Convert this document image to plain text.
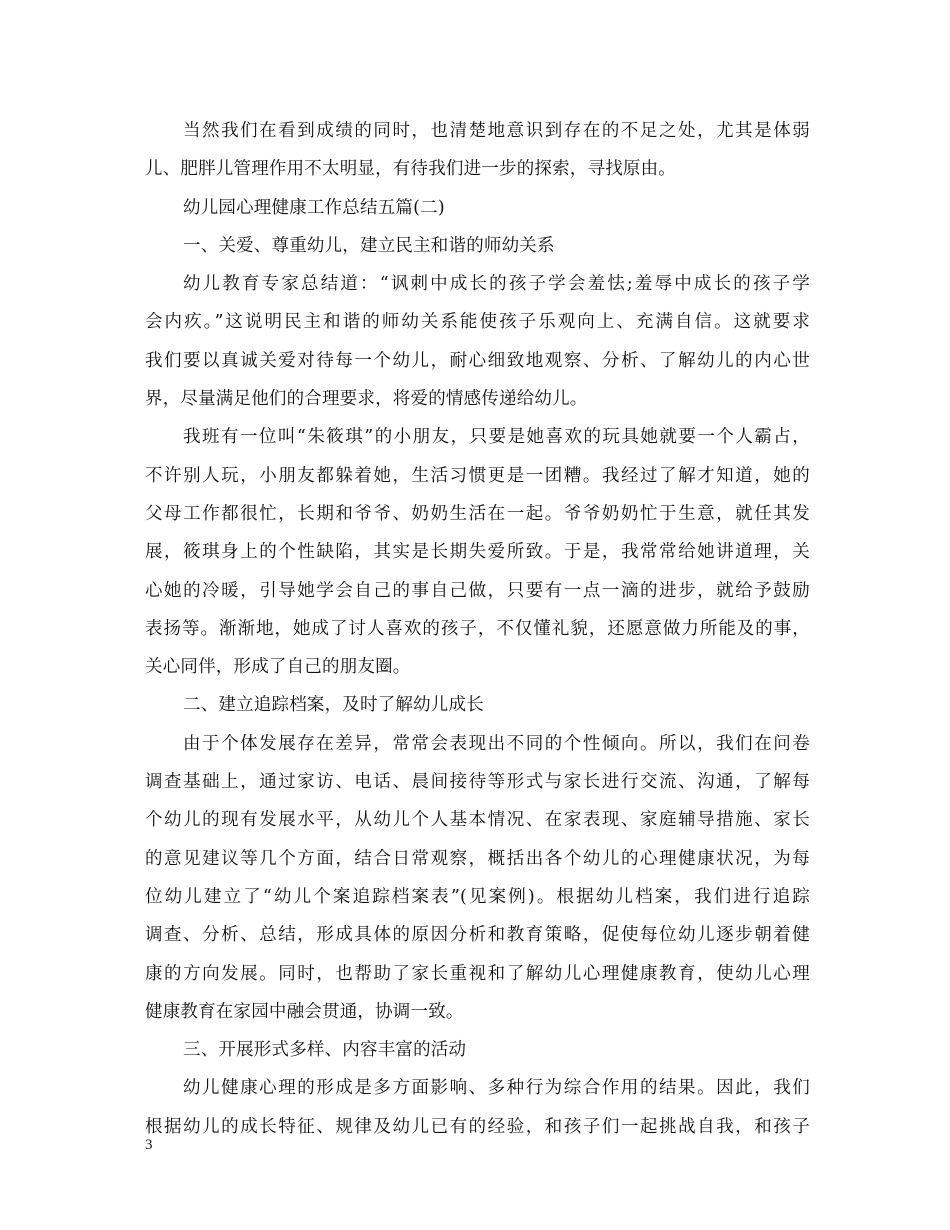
当然我们在看到成绩的同时，也清楚地意识到存在的不足之处，尤其是体弱
儿、肥胖儿管理作用不太明显，有待我们进一步的探索，寻找原由。
幼儿园心理健康工作总结五篇(二)
一、关爱、尊重幼儿，建立民主和谐的师幼关系
幼儿教育专家总结道：“讽刺中成长的孩子学会羞怯;羞辱中成长的孩子学
会内疚。”这说明民主和谐的师幼关系能使孩子乐观向上、充满自信。这就要求
我们要以真诚关爱对待每一个幼儿，耐心细致地观察、分析、了解幼儿的内心世
界，尽量满足他们的合理要求，将爱的情感传递给幼儿。
我班有一位叫“朱筱琪”的小朋友，只要是她喜欢的玩具她就要一个人霸占，
不许别人玩，小朋友都躲着她，生活习惯更是一团糟。我经过了解才知道，她的
父母工作都很忙，长期和爷爷、奶奶生活在一起。爷爷奶奶忙于生意，就任其发
展，筱琪身上的个性缺陷，其实是长期失爱所致。于是，我常常给她讲道理，关
心她的冷暖，引导她学会自己的事自己做，只要有一点一滴的进步，就给予鼓励
表扬等。渐渐地，她成了讨人喜欢的孩子，不仅懂礼貌，还愿意做力所能及的事，
关心同伴，形成了自己的朋友圈。
二、建立追踪档案，及时了解幼儿成长
由于个体发展存在差异，常常会表现出不同的个性倾向。所以，我们在问卷
调查基础上，通过家访、电话、晨间接待等形式与家长进行交流、沟通，了解每
个幼儿的现有发展水平，从幼儿个人基本情况、在家表现、家庭辅导措施、家长
的意见建议等几个方面，结合日常观察，概括出各个幼儿的心理健康状况，为每
位幼儿建立了“幼儿个案追踪档案表”(见案例)。根据幼儿档案，我们进行追踪
调查、分析、总结，形成具体的原因分析和教育策略，促使每位幼儿逐步朝着健
康的方向发展。同时，也帮助了家长重视和了解幼儿心理健康教育，使幼儿心理
健康教育在家园中融会贯通，协调一致。
三、开展形式多样、内容丰富的活动
幼儿健康心理的形成是多方面影响、多种行为综合作用的结果。因此，我们
根据幼儿的成长特征、规律及幼儿已有的经验，和孩子们一起挑战自我，和孩子
3
